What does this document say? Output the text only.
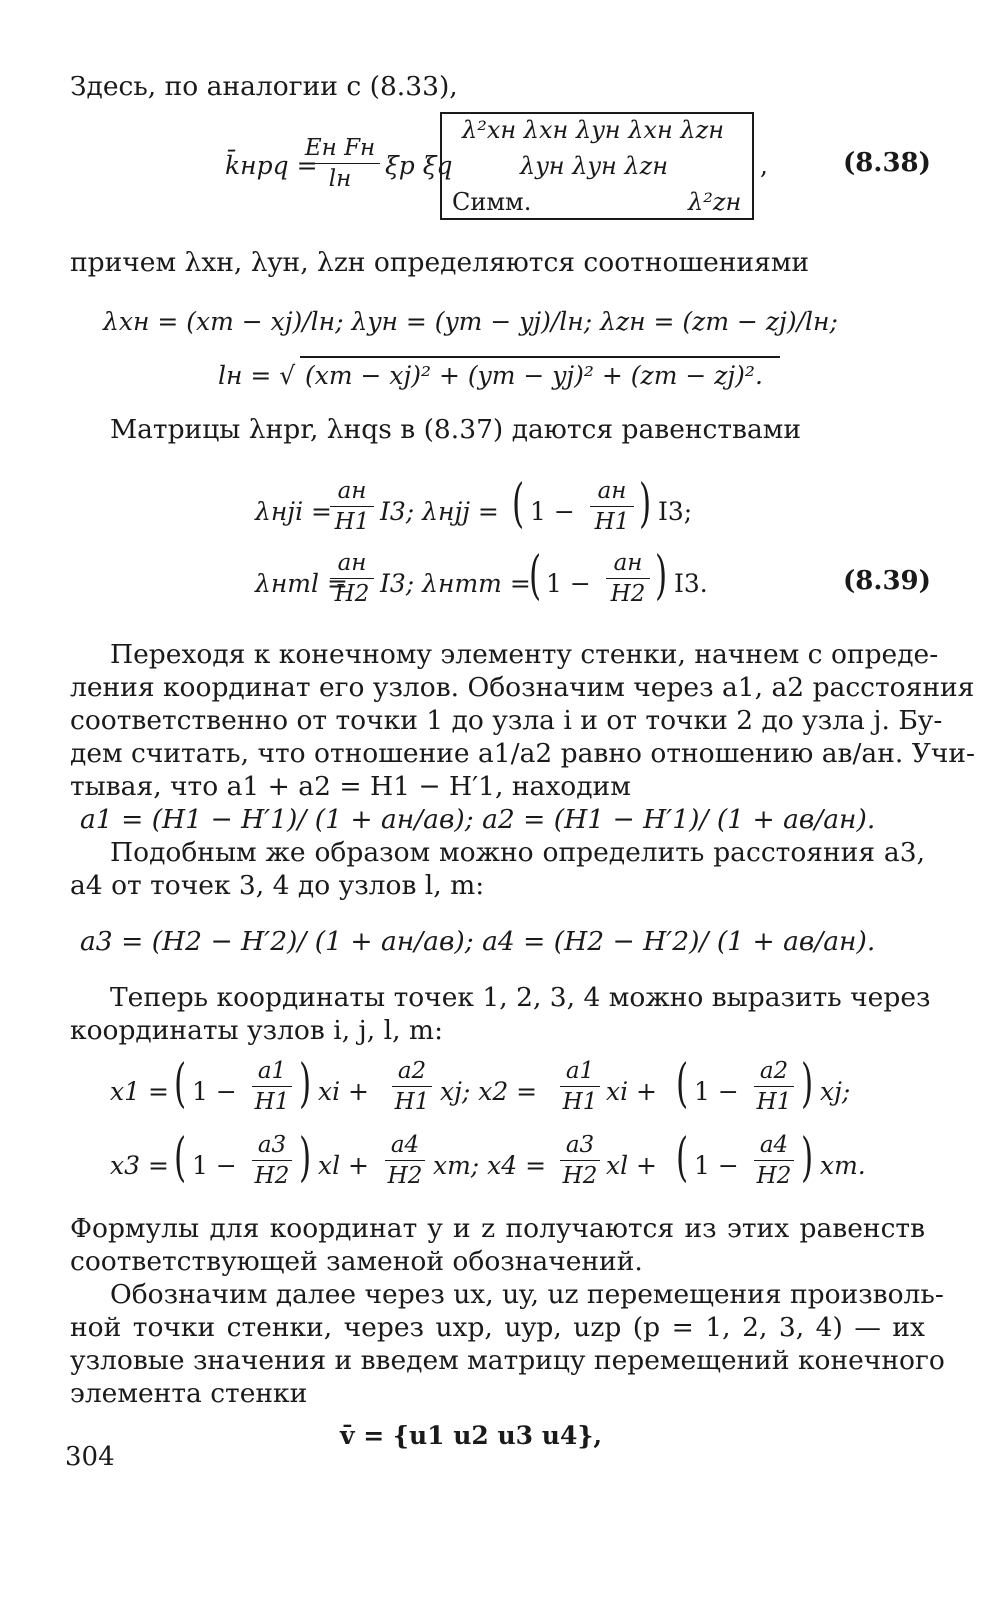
Здесь, по аналогии с (8.33),
k̄нpq =
Eн Fн
lн	ξp ξq
λ²xн λxн λyн λxн λzн
λyн λyн λzн
Симм.	λ²zн
,	(8.38)
причем λxн, λyн, λzн определяются соотношениями
λxн = (xm − xj)/lн; λyн = (ym − yj)/lн; λzн = (zm − zj)/lн;
lн = √ (xm − xj)² + (ym − yj)² + (zm − zj)².
Матрицы λнpr, λнqs в (8.37) даются равенствами
λнji =
aн
H1 I3; λнjj = ( 1 −
aн
H1 ) I3;
λнml =
aн
H2 I3; λнmm =
( 1 −
aн
H2 ) I3.	(8.39)
Переходя к конечному элементу стенки, начнем с опреде-
ления координат его узлов. Обозначим через a1, a2 расстояния
соответственно от точки 1 до узла i и от точки 2 до узла j. Бу-
дем считать, что отношение a1/a2 равно отношению aв/aн. Учи-
тывая, что a1 + a2 = H1 − H′1, находим
a1 = (H1 − H′1)/ (1 + aн/aв); a2 = (H1 − H′1)/ (1 + aв/aн).
Подобным же образом можно определить расстояния a3,
a4 от точек 3, 4 до узлов l, m:
a3 = (H2 − H′2)/ (1 + aн/aв); a4 = (H2 − H′2)/ (1 + aв/aн).
Теперь координаты точек 1, 2, 3, 4 можно выразить через
координаты узлов i, j, l, m:
x1 = ( 1 −
a1
H1 ) xi +
a2
H1 xj; x2 =
a1
H1 xi + ( 1 −
a2
H1 ) xj;
x3 = ( 1 −
a3
H2 ) xl +
a4
H2 xm; x4 =
a3
H2 xl + ( 1 −
a4
H2 ) xm.
Формулы для координат y и z получаются из этих равенств
соответствующей заменой обозначений.
Обозначим далее через ux, uy, uz перемещения произволь-
ной точки стенки, через uxp, uyp, uzp (p = 1, 2, 3, 4) — их
узловые значения и введем матрицу перемещений конечного
элемента стенки
v̄ = {u1 u2 u3 u4},
304
